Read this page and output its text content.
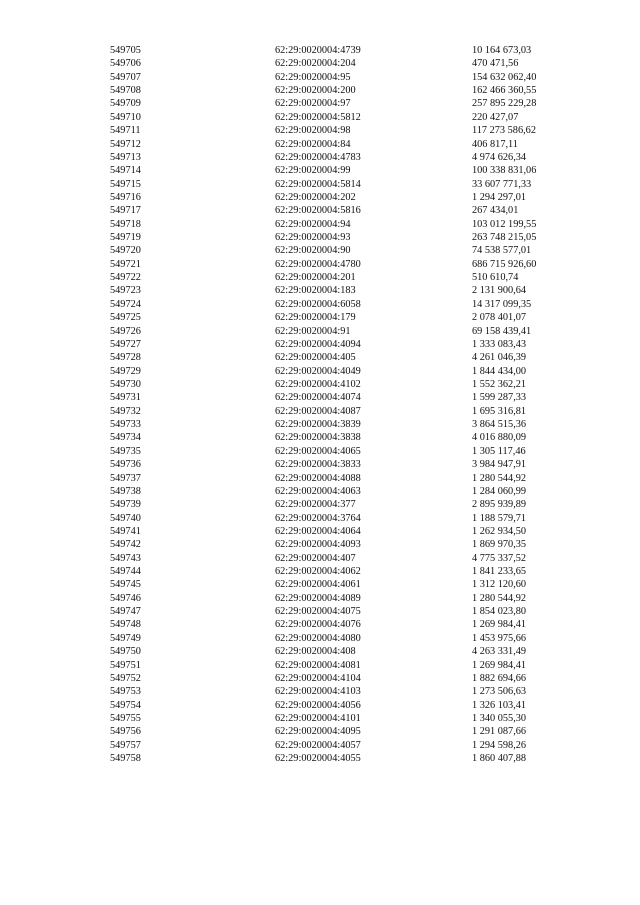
549705	62:29:0020004:4739	10 164 673,03
549706	62:29:0020004:204	470 471,56
549707	62:29:0020004:95	154 632 062,40
549708	62:29:0020004:200	162 466 360,55
549709	62:29:0020004:97	257 895 229,28
549710	62:29:0020004:5812	220 427,07
549711	62:29:0020004:98	117 273 586,62
549712	62:29:0020004:84	406 817,11
549713	62:29:0020004:4783	4 974 626,34
549714	62:29:0020004:99	100 338 831,06
549715	62:29:0020004:5814	33 607 771,33
549716	62:29:0020004:202	1 294 297,01
549717	62:29:0020004:5816	267 434,01
549718	62:29:0020004:94	103 012 199,55
549719	62:29:0020004:93	263 748 215,05
549720	62:29:0020004:90	74 538 577,01
549721	62:29:0020004:4780	686 715 926,60
549722	62:29:0020004:201	510 610,74
549723	62:29:0020004:183	2 131 900,64
549724	62:29:0020004:6058	14 317 099,35
549725	62:29:0020004:179	2 078 401,07
549726	62:29:0020004:91	69 158 439,41
549727	62:29:0020004:4094	1 333 083,43
549728	62:29:0020004:405	4 261 046,39
549729	62:29:0020004:4049	1 844 434,00
549730	62:29:0020004:4102	1 552 362,21
549731	62:29:0020004:4074	1 599 287,33
549732	62:29:0020004:4087	1 695 316,81
549733	62:29:0020004:3839	3 864 515,36
549734	62:29:0020004:3838	4 016 880,09
549735	62:29:0020004:4065	1 305 117,46
549736	62:29:0020004:3833	3 984 947,91
549737	62:29:0020004:4088	1 280 544,92
549738	62:29:0020004:4063	1 284 060,99
549739	62:29:0020004:377	2 895 939,89
549740	62:29:0020004:3764	1 188 579,71
549741	62:29:0020004:4064	1 262 934,50
549742	62:29:0020004:4093	1 869 970,35
549743	62:29:0020004:407	4 775 337,52
549744	62:29:0020004:4062	1 841 233,65
549745	62:29:0020004:4061	1 312 120,60
549746	62:29:0020004:4089	1 280 544,92
549747	62:29:0020004:4075	1 854 023,80
549748	62:29:0020004:4076	1 269 984,41
549749	62:29:0020004:4080	1 453 975,66
549750	62:29:0020004:408	4 263 331,49
549751	62:29:0020004:4081	1 269 984,41
549752	62:29:0020004:4104	1 882 694,66
549753	62:29:0020004:4103	1 273 506,63
549754	62:29:0020004:4056	1 326 103,41
549755	62:29:0020004:4101	1 340 055,30
549756	62:29:0020004:4095	1 291 087,66
549757	62:29:0020004:4057	1 294 598,26
549758	62:29:0020004:4055	1 860 407,88
